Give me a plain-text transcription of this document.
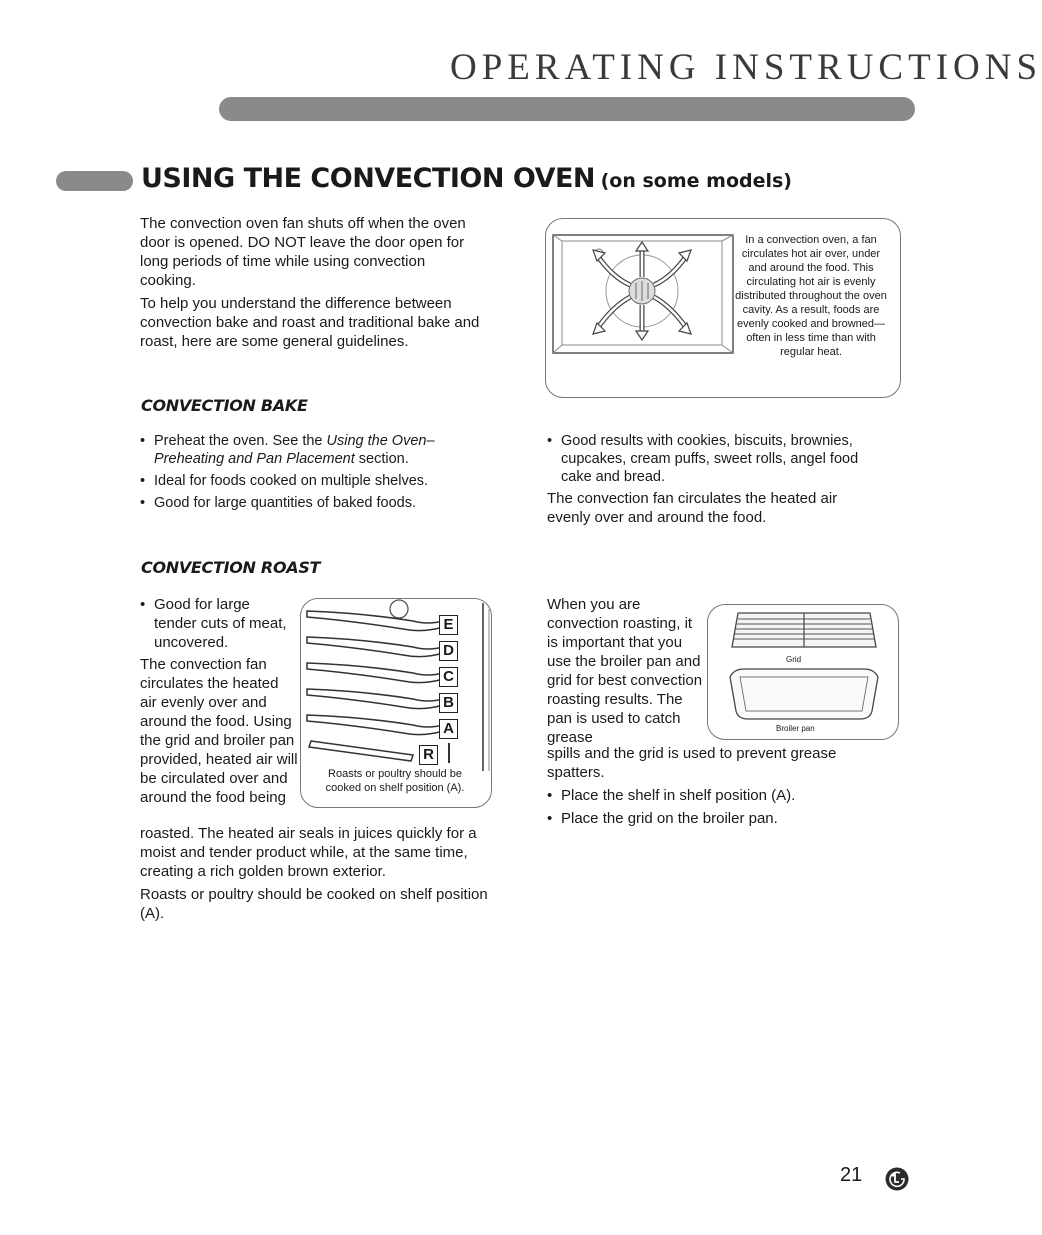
OPERATING INSTRUCTIONS
USING THE CONVECTION OVEN (on some models)

The convection oven fan shuts off when the oven door is opened. DO NOT leave the door open for long periods of time while using convection cooking.

To help you understand the difference between convection bake and roast and traditional bake and roast, here are some general guidelines.

In a convection oven, a fan circulates hot air over, under and around the food. This circulating hot air is evenly distributed throughout the oven cavity. As a result, foods are evenly cooked and browned—often in less time than with regular heat.
CONVECTION BAKE
• Preheat the oven. See the Using the Oven– Preheating and Pan Placement section.
• Ideal for foods cooked on multiple shelves.
• Good for large quantities of baked foods.
• Good results with cookies, biscuits, brownies, cupcakes, cream puffs, sweet rolls, angel food cake and bread.
The convection fan circulates the heated air evenly over and around the food.
CONVECTION ROAST
• Good for large tender cuts of meat, uncovered.
The convection fan circulates the heated air evenly over and around the food. Using the grid and broiler pan provided, heated air will be circulated over and around the food being
roasted. The heated air seals in juices quickly for a moist and tender product while, at the same time, creating a rich golden brown exterior.
Roasts or poultry should be cooked on shelf position (A).
E
D
C
B
A
R
Roasts or poultry should be cooked on shelf position (A).
When you are convection roasting, it is important that you use the broiler pan and grid for best convection roasting results. The pan is used to catch grease
spills and the grid is used to prevent grease spatters.
• Place the shelf in shelf position (A).
• Place the grid on the broiler pan.
Grid
Broiler pan
21
